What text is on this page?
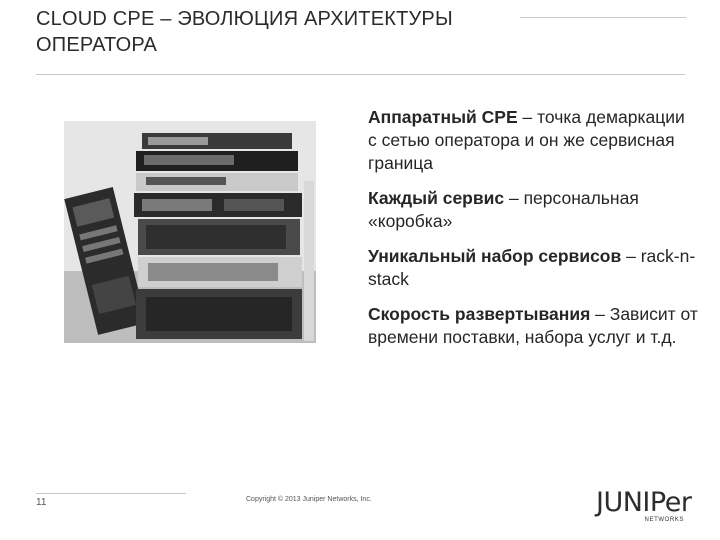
CLOUD CPE – ЭВОЛЮЦИЯ АРХИТЕКТУРЫ
ОПЕРАТОРА
Аппаратный CPE – точка демаркации с сетью оператора и он же сервисная граница
Каждый сервис – персональная «коробка»
Уникальный набор сервисов – rack-n-stack
Скорость развертывания – Зависит от времени поставки, набора услуг и т.д.
11	Copyright © 2013 Juniper Networks, Inc.	JUNIPer
NETWORKS
